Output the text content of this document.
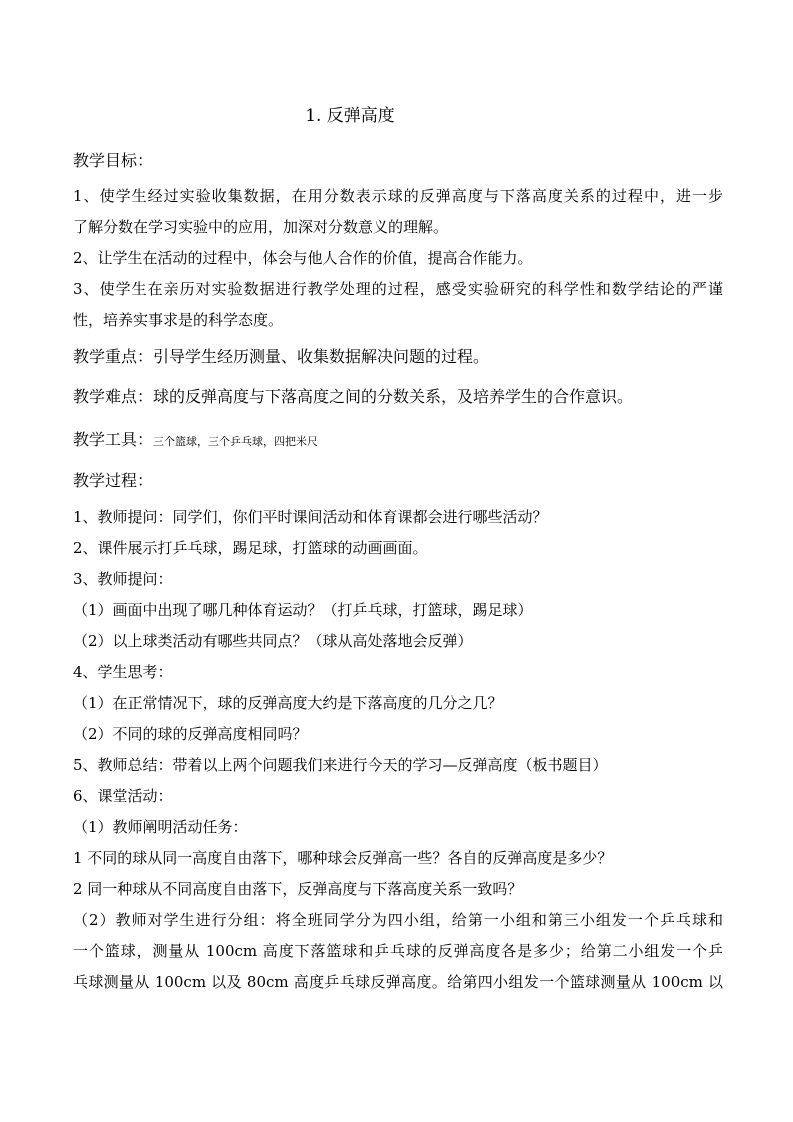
1. 反弹高度
教学目标：
1、使学生经过实验收集数据，在用分数表示球的反弹高度与下落高度关系的过程中，进一步
了解分数在学习实验中的应用，加深对分数意义的理解。
2、让学生在活动的过程中，体会与他人合作的价值，提高合作能力。
3、使学生在亲历对实验数据进行教学处理的过程，感受实验研究的科学性和数学结论的严谨
性，培养实事求是的科学态度。
教学重点：引导学生经历测量、收集数据解决问题的过程。
教学难点：球的反弹高度与下落高度之间的分数关系，及培养学生的合作意识。
教学工具：三个篮球，三个乒乓球，四把米尺
教学过程：
1、教师提问：同学们，你们平时课间活动和体育课都会进行哪些活动？
2、课件展示打乒乓球，踢足球，打篮球的动画画面。
3、教师提问：
（1）画面中出现了哪几种体育运动？（打乒乓球，打篮球，踢足球）
（2）以上球类活动有哪些共同点？（球从高处落地会反弹）
4、学生思考：
（1）在正常情况下，球的反弹高度大约是下落高度的几分之几？
（2）不同的球的反弹高度相同吗？
5、教师总结：带着以上两个问题我们来进行今天的学习—反弹高度（板书题目）
6、课堂活动：
（1）教师阐明活动任务：
1 不同的球从同一高度自由落下，哪种球会反弹高一些？各自的反弹高度是多少？
2 同一种球从不同高度自由落下，反弹高度与下落高度关系一致吗？
（2）教师对学生进行分组：将全班同学分为四小组，给第一小组和第三小组发一个乒乓球和
一个篮球，测量从 100cm 高度下落篮球和乒乓球的反弹高度各是多少；给第二小组发一个乒
乓球测量从 100cm 以及 80cm 高度乒乓球反弹高度。给第四小组发一个篮球测量从 100cm 以
